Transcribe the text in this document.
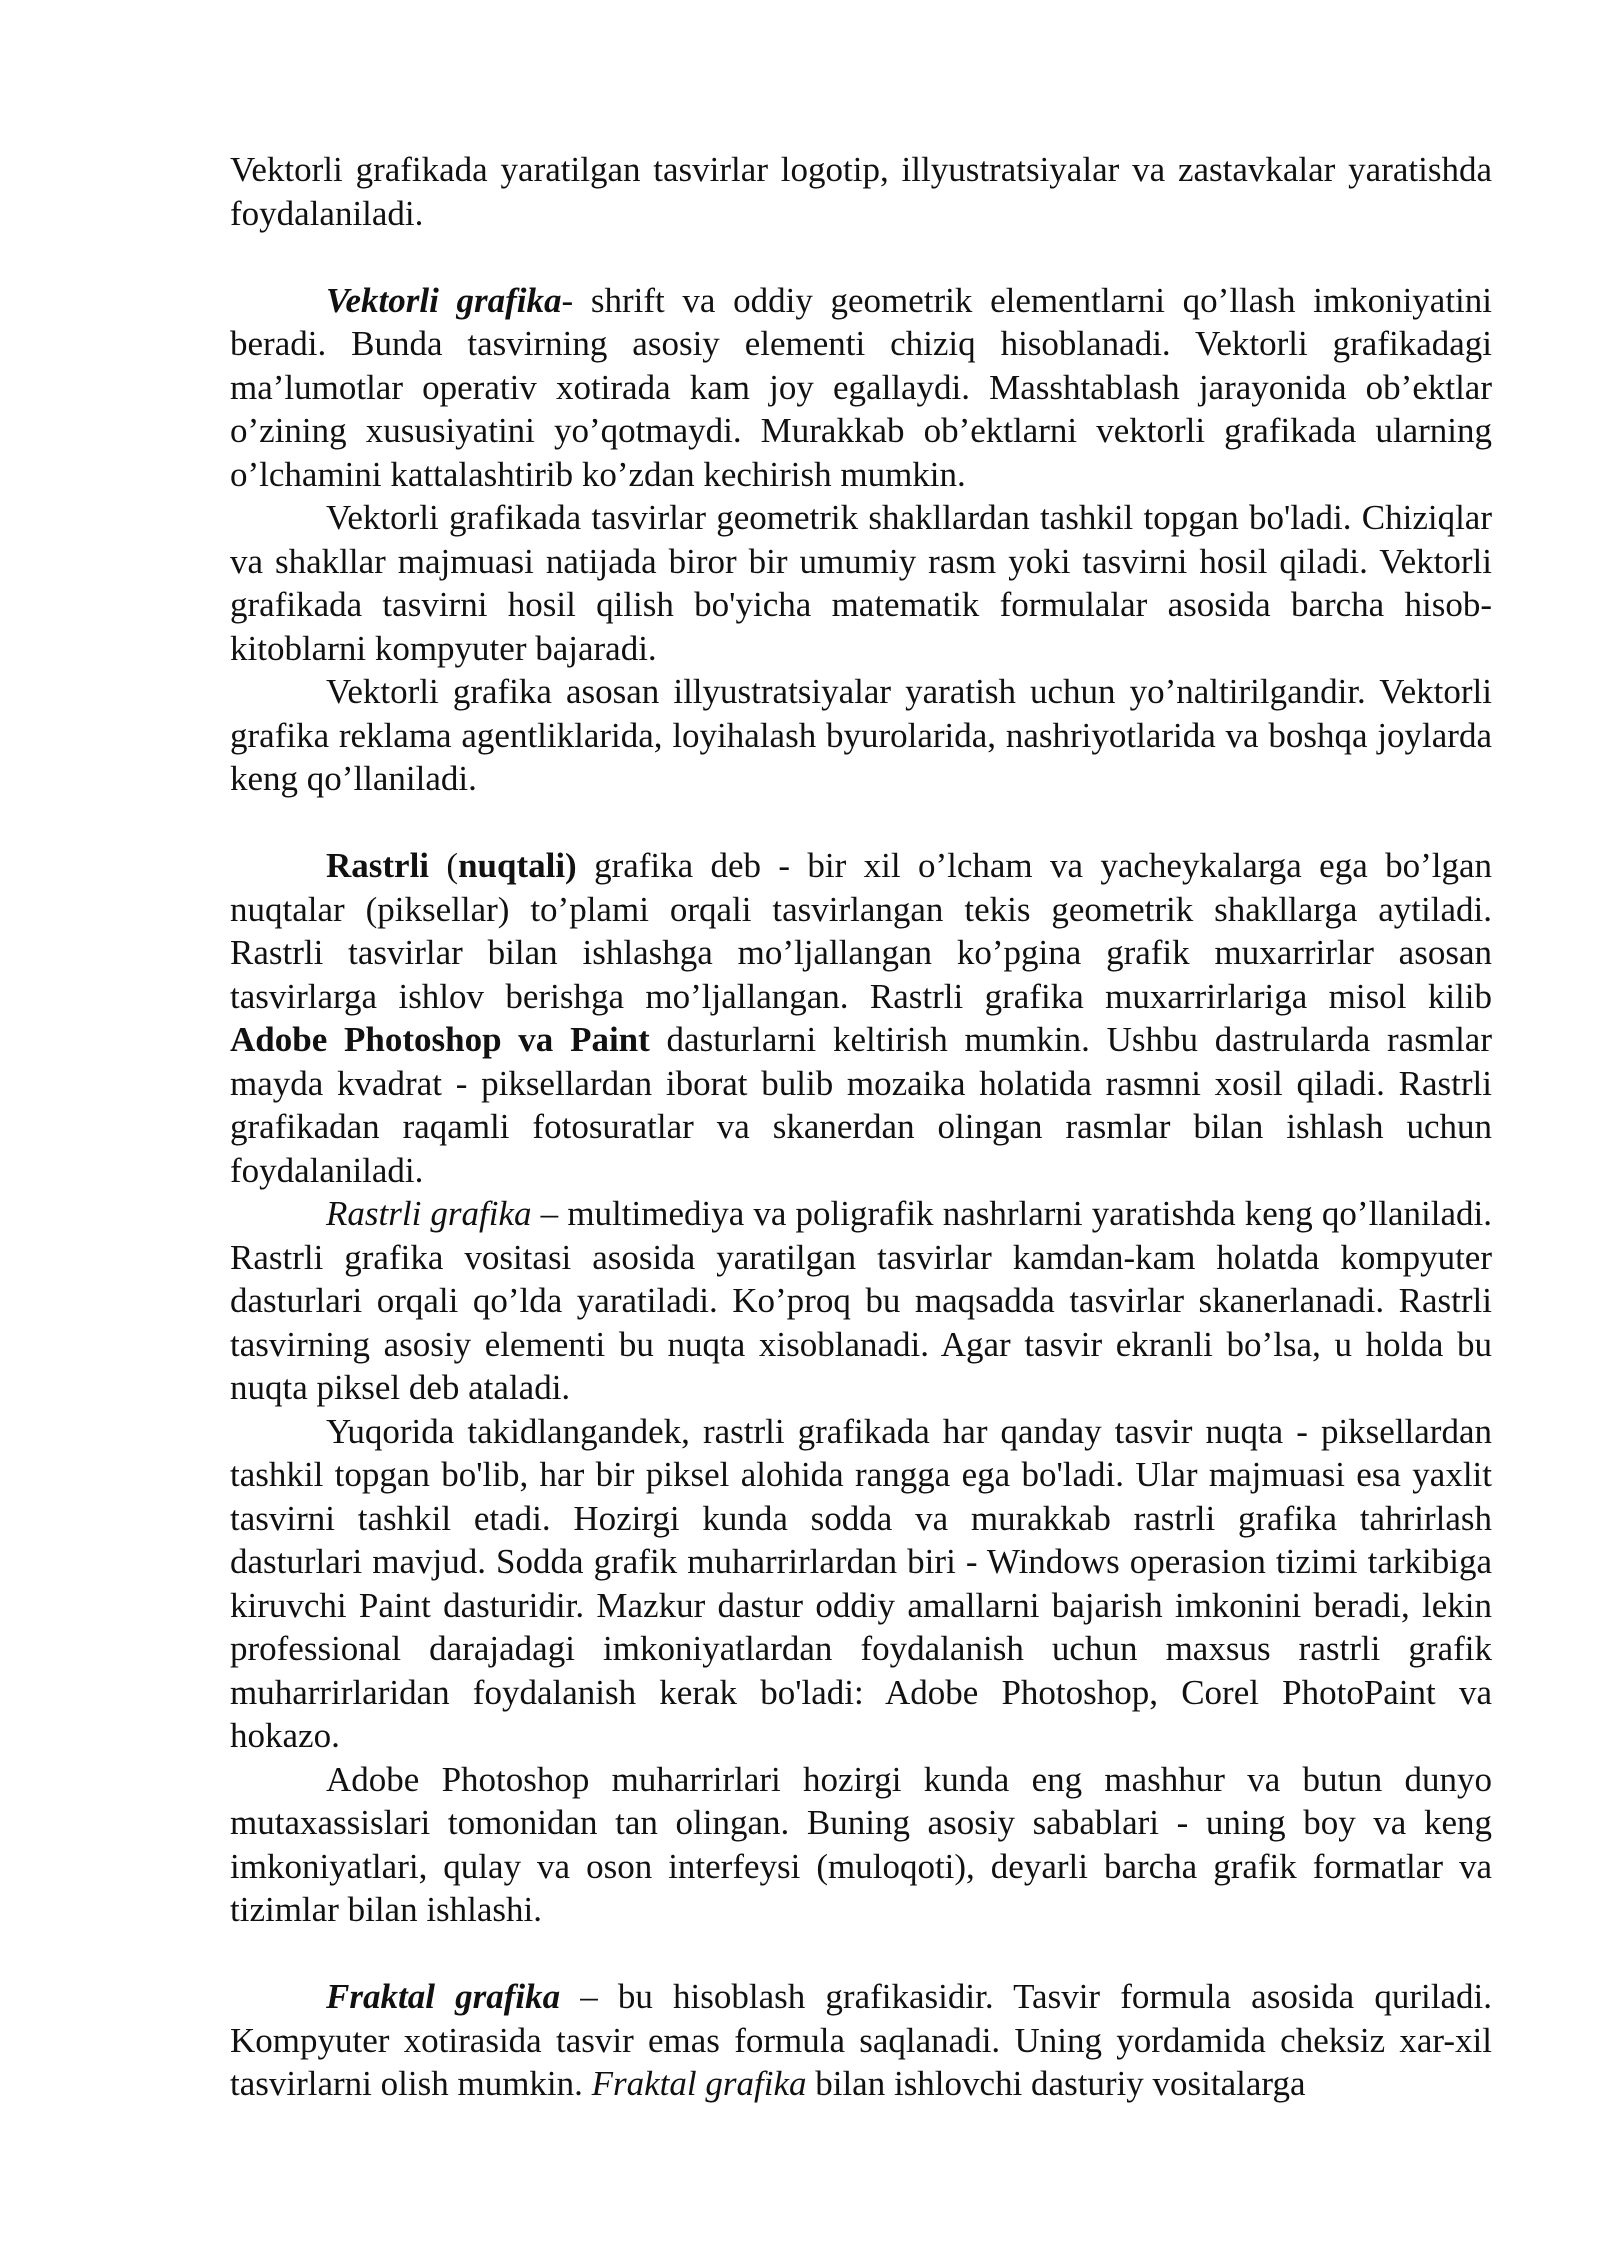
Vektorli grafikada yaratilgan tasvirlar logotip, illyustratsiyalar va zastavkalar yaratishda foydalaniladi.

Vektorli grafika- shrift va oddiy geometrik elementlarni qo’llash imkoniyatini beradi. Bunda tasvirning asosiy elementi chiziq hisoblanadi. Vektorli grafikadagi ma’lumotlar operativ xotirada kam joy egallaydi. Masshtablash jarayonida ob’ektlar o’zining xususiyatini yo’qotmaydi. Murakkab ob’ektlarni vektorli grafikada ularning o’lchamini kattalashtirib ko’zdan kechirish mumkin.

Vektorli grafikada tasvirlar geometrik shakllardan tashkil topgan bo'ladi. Chiziqlar va shakllar majmuasi natijada biror bir umumiy rasm yoki tasvirni hosil qiladi. Vektorli grafikada tasvirni hosil qilish bo'yicha matematik formulalar asosida barcha hisob-kitoblarni kompyuter bajaradi.

Vektorli grafika asosan illyustratsiyalar yaratish uchun yo’naltirilgandir. Vektorli grafika reklama agentliklarida, loyihalash byurolarida, nashriyotlarida va boshqa joylarda keng qo’llaniladi.

Rastrli (nuqtali) grafika deb - bir xil o’lcham va yacheykalarga ega bo’lgan nuqtalar (piksellar) to’plami orqali tasvirlangan tekis geometrik shakllarga aytiladi. Rastrli tasvirlar bilan ishlashga mo’ljallangan ko’pgina grafik muxarrirlar asosan tasvirlarga ishlov berishga mo’ljallangan. Rastrli grafika muxarrirlariga misol kilib Adobe Photoshop va Paint dasturlarni keltirish mumkin. Ushbu dastrularda rasmlar mayda kvadrat - piksellardan iborat bulib mozaika holatida rasmni xosil qiladi. Rastrli grafikadan raqamli fotosuratlar va skanerdan olingan rasmlar bilan ishlash uchun foydalaniladi.

Rastrli grafika – multimediya va poligrafik nashrlarni yaratishda keng qo’llaniladi. Rastrli grafika vositasi asosida yaratilgan tasvirlar kamdan-kam holatda kompyuter dasturlari orqali qo’lda yaratiladi. Ko’proq bu maqsadda tasvirlar skanerlanadi. Rastrli tasvirning asosiy elementi bu nuqta xisoblanadi. Agar tasvir ekranli bo’lsa, u holda bu nuqta piksel deb ataladi.

Yuqorida takidlangandek, rastrli grafikada har qanday tasvir nuqta - piksellardan tashkil topgan bo'lib, har bir piksel alohida rangga ega bo'ladi. Ular majmuasi esa yaxlit tasvirni tashkil etadi. Hozirgi kunda sodda va murakkab rastrli grafika tahrirlash dasturlari mavjud. Sodda grafik muharrirlardan biri - Windows operasion tizimi tarkibiga kiruvchi Paint dasturidir. Mazkur dastur oddiy amallarni bajarish imkonini beradi, lekin professional darajadagi imkoniyatlardan foydalanish uchun maxsus rastrli grafik muharrirlaridan foydalanish kerak bo'ladi: Adobe Photoshop, Corel PhotoPaint va hokazo.

Adobe Photoshop muharrirlari hozirgi kunda eng mashhur va butun dunyo mutaxassislari tomonidan tan olingan. Buning asosiy sabablari - uning boy va keng imkoniyatlari, qulay va oson interfeysi (muloqoti), deyarli barcha grafik formatlar va tizimlar bilan ishlashi.

Fraktal grafika – bu hisoblash grafikasidir. Tasvir formula asosida quriladi. Kompyuter xotirasida tasvir emas formula saqlanadi. Uning yordamida cheksiz xar-xil tasvirlarni olish mumkin. Fraktal grafika bilan ishlovchi dasturiy vositalarga
